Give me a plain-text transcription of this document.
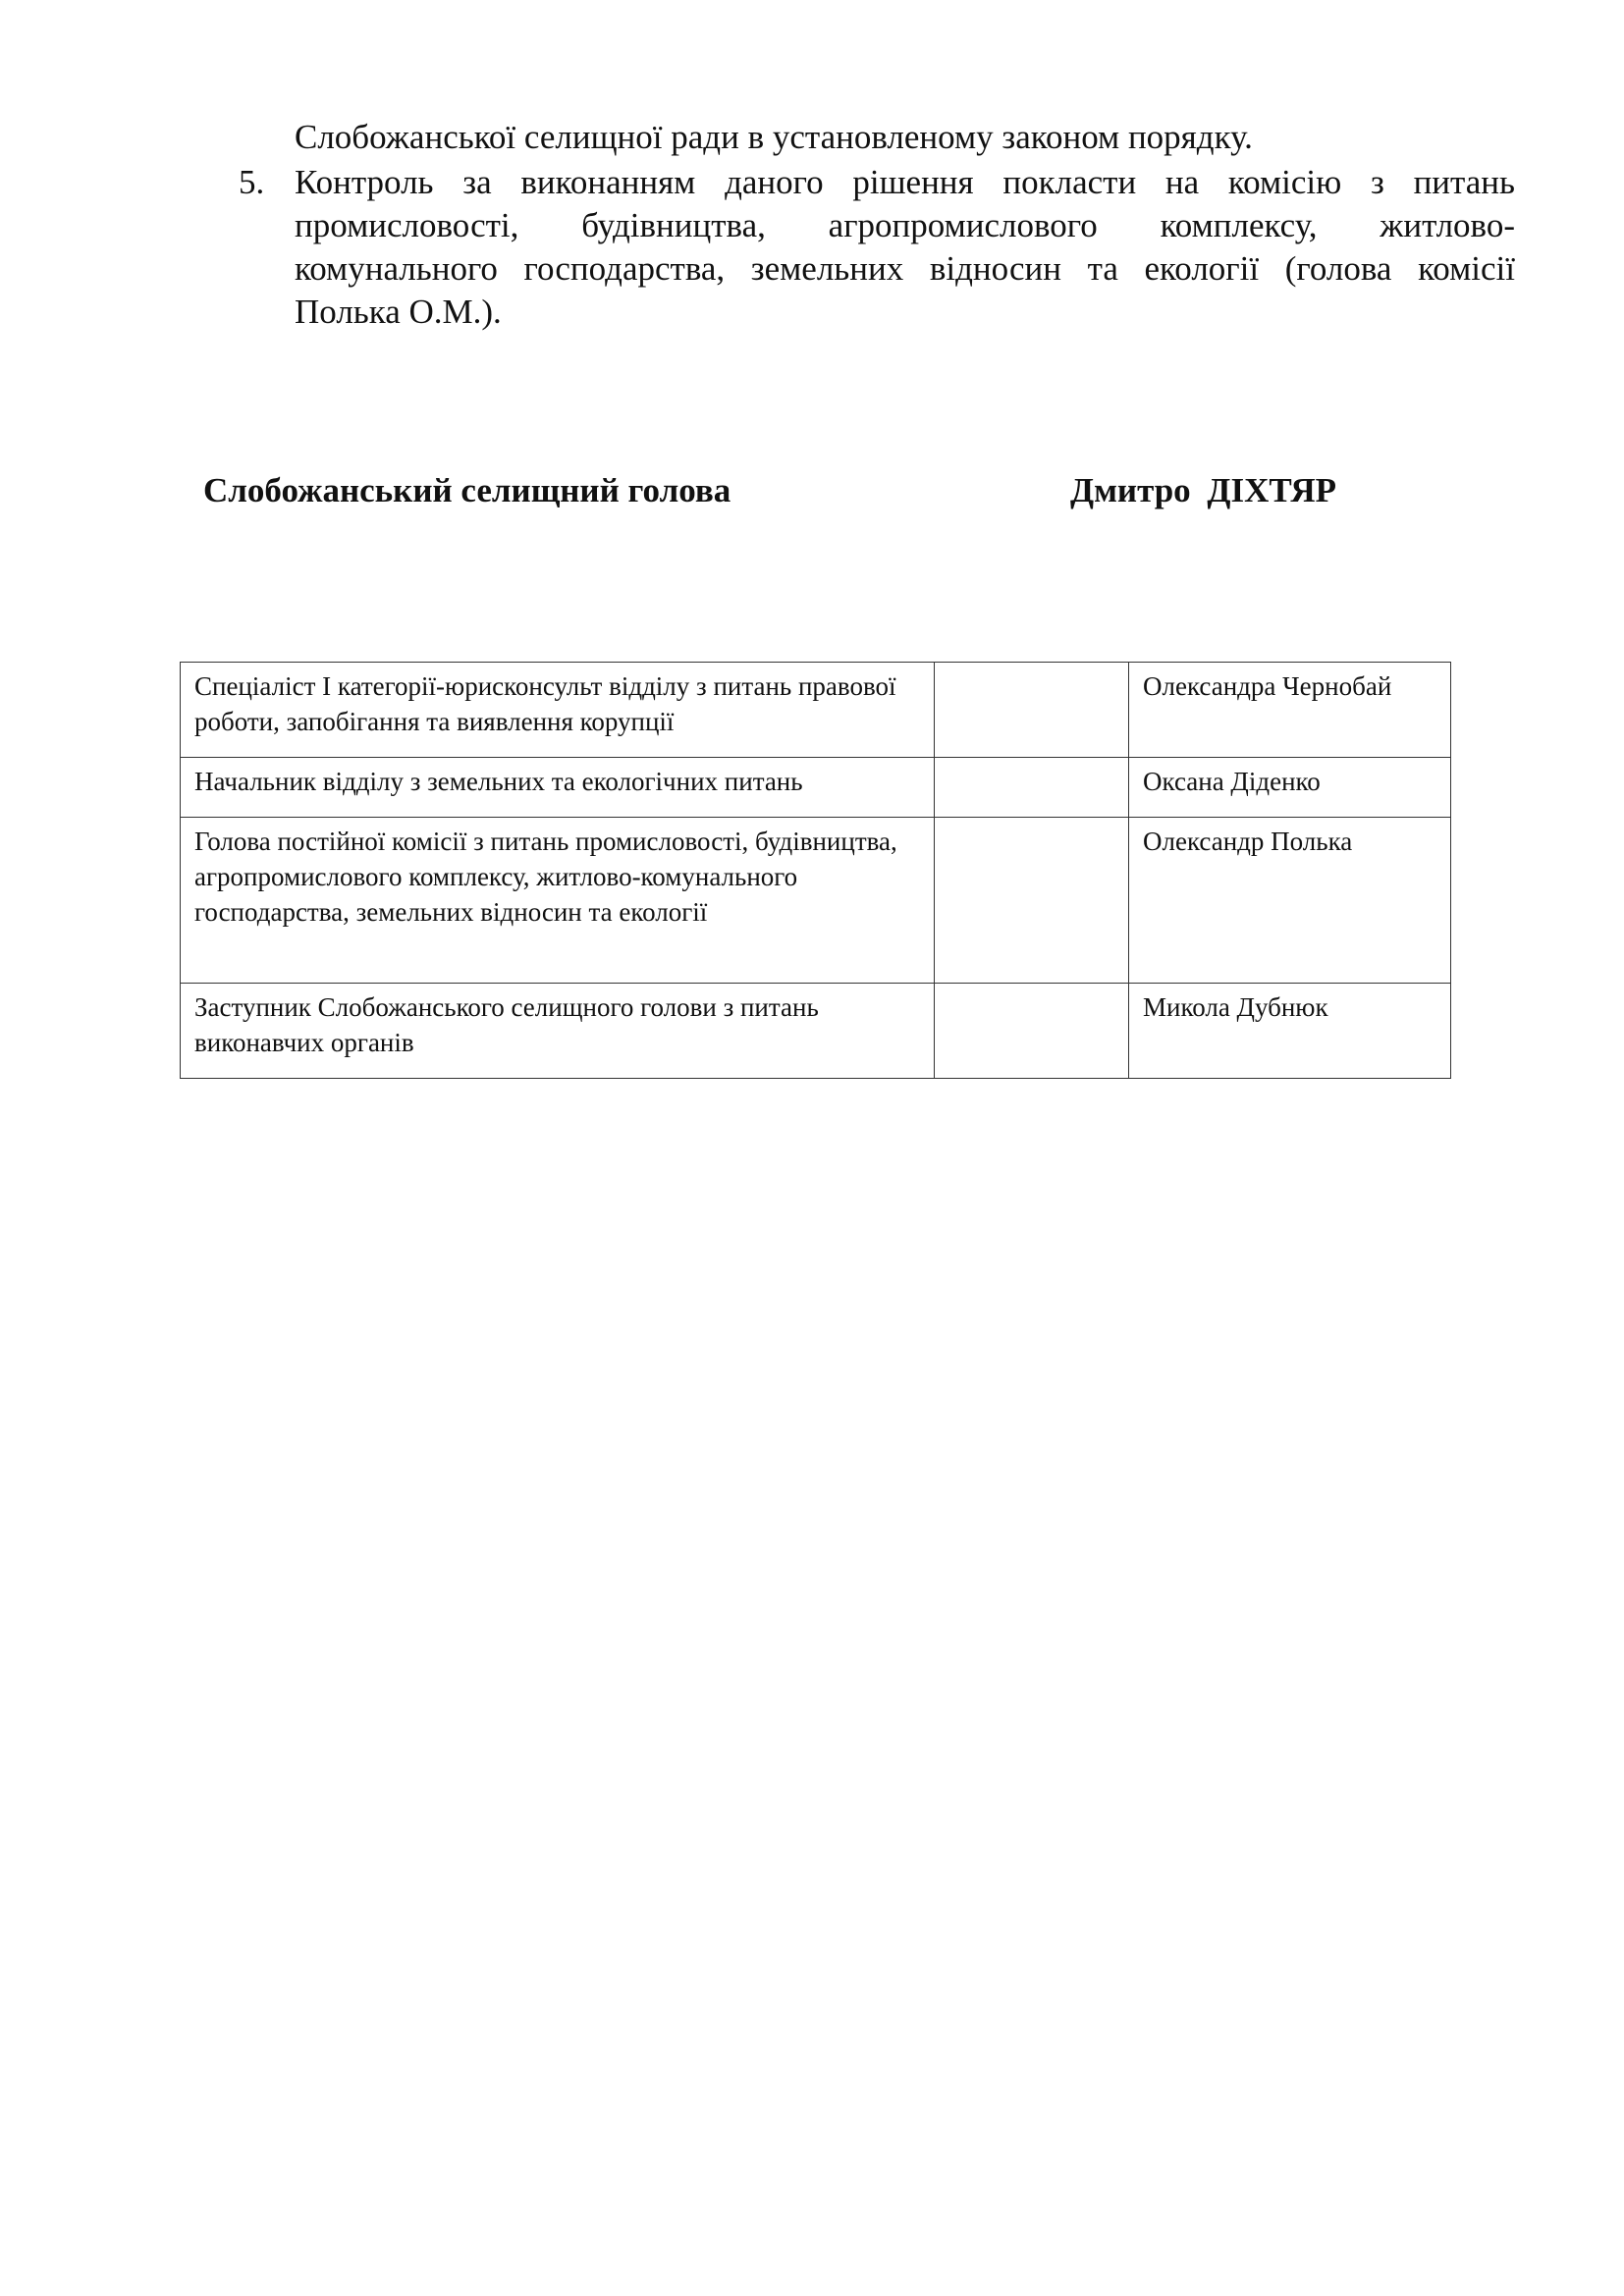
Слобожанської селищної ради в установленому законом порядку.
5. Контроль за виконанням даного рішення покласти на комісію з питань
промисловості, будівництва, агропромислового комплексу, житлово-
комунального господарства, земельних відносин та екології (голова комісії
Полька О.М.).
Слобожанський селищний голова	Дмитро ДІХТЯР
Спеціаліст І категорії-юрисконсульт відділу з питань правової роботи, запобігання та виявлення корупції		Олександра Чернобай
Начальник відділу з земельних та екологічних питань		Оксана Діденко
Голова постійної комісії з питань промисловості, будівництва, агропромислового комплексу, житлово-комунального господарства, земельних відносин та екології		Олександр Полька
Заступник Слобожанського селищного голови з питань виконавчих органів		Микола Дубнюк
